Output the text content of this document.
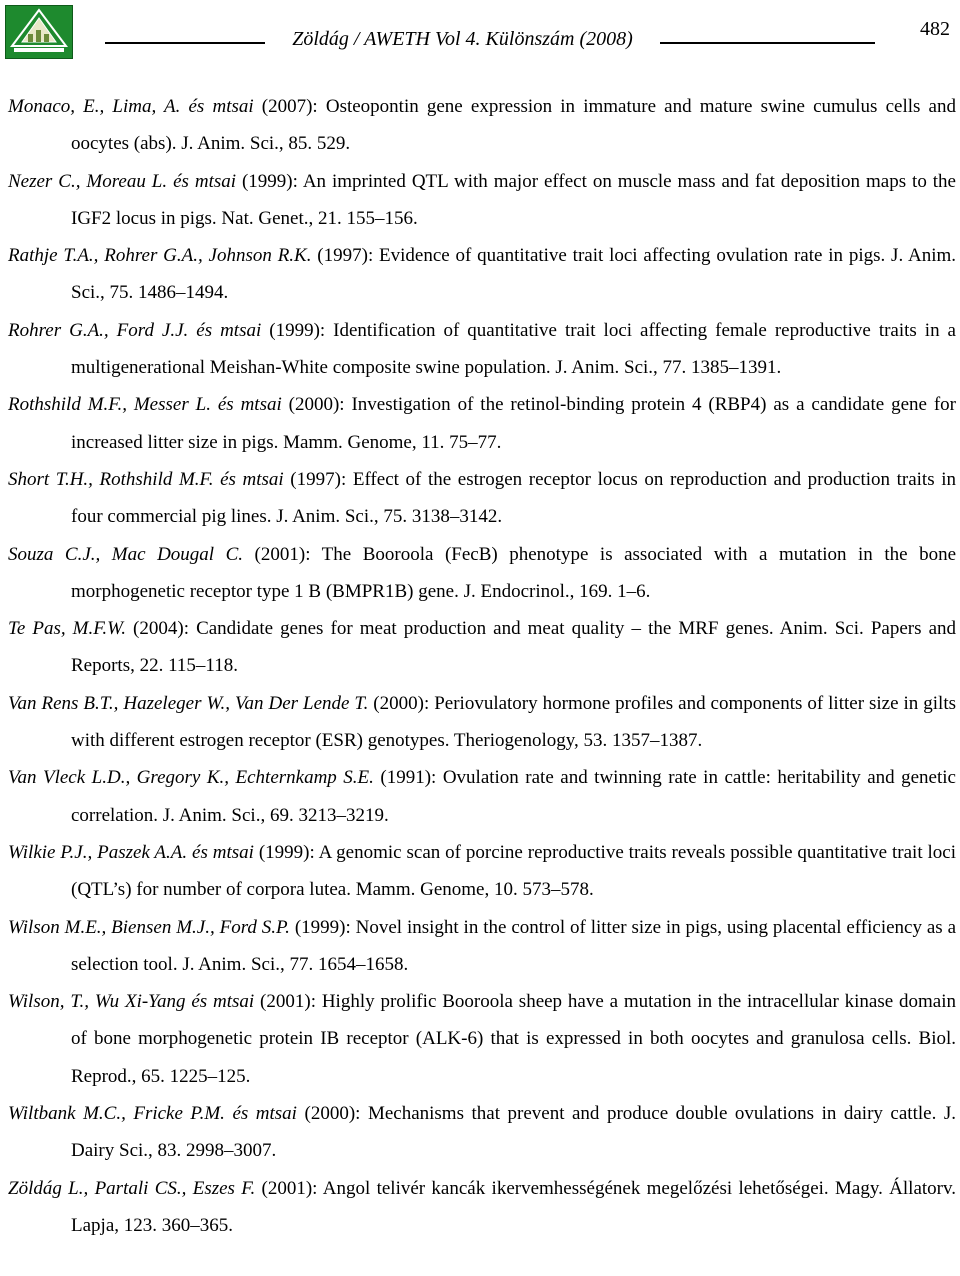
Zöldág / AWETH Vol 4. Különszám (2008)	482

Monaco, E., Lima, A. és mtsai (2007): Osteopontin gene expression in immature and mature swine cumulus cells and oocytes (abs). J. Anim. Sci., 85. 529.

Nezer C., Moreau L. és mtsai (1999): An imprinted QTL with major effect on muscle mass and fat deposition maps to the IGF2 locus in pigs. Nat. Genet., 21. 155–156.

Rathje T.A., Rohrer G.A., Johnson R.K. (1997): Evidence of quantitative trait loci affecting ovulation rate in pigs. J. Anim. Sci., 75. 1486–1494.

Rohrer G.A., Ford J.J. és mtsai (1999): Identification of quantitative trait loci affecting female reproductive traits in a multigenerational Meishan-White composite swine population. J. Anim. Sci., 77. 1385–1391.

Rothshild M.F., Messer L. és mtsai (2000): Investigation of the retinol-binding protein 4 (RBP4) as a candidate gene for increased litter size in pigs. Mamm. Genome, 11. 75–77.

Short T.H., Rothshild M.F. és mtsai (1997): Effect of the estrogen receptor locus on reproduction and production traits in four commercial pig lines. J. Anim. Sci., 75. 3138–3142.

Souza C.J., Mac Dougal C. (2001): The Booroola (FecB) phenotype is associated with a mutation in the bone morphogenetic receptor type 1 B (BMPR1B) gene. J. Endocrinol., 169. 1–6.

Te Pas, M.F.W. (2004): Candidate genes for meat production and meat quality – the MRF genes. Anim. Sci. Papers and Reports, 22. 115–118.

Van Rens B.T., Hazeleger W., Van Der Lende T. (2000): Periovulatory hormone profiles and components of litter size in gilts with different estrogen receptor (ESR) genotypes. Theriogenology, 53. 1357–1387.

Van Vleck L.D., Gregory K., Echternkamp S.E. (1991): Ovulation rate and twinning rate in cattle: heritability and genetic correlation. J. Anim. Sci., 69. 3213–3219.

Wilkie P.J., Paszek A.A. és mtsai (1999): A genomic scan of porcine reproductive traits reveals possible quantitative trait loci (QTL’s) for number of corpora lutea. Mamm. Genome, 10. 573–578.

Wilson M.E., Biensen M.J., Ford S.P. (1999): Novel insight in the control of litter size in pigs, using placental efficiency as a selection tool. J. Anim. Sci., 77. 1654–1658.

Wilson, T., Wu Xi-Yang és mtsai (2001): Highly prolific Booroola sheep have a mutation in the intracellular kinase domain of bone morphogenetic protein IB receptor (ALK-6) that is expressed in both oocytes and granulosa cells. Biol. Reprod., 65. 1225–125.

Wiltbank M.C., Fricke P.M. és mtsai (2000): Mechanisms that prevent and produce double ovulations in dairy cattle. J. Dairy Sci., 83. 2998–3007.

Zöldág L., Partali CS., Eszes F. (2001): Angol telivér kancák ikervemhességének megelőzési lehetőségei. Magy. Állatorv. Lapja, 123. 360–365.
